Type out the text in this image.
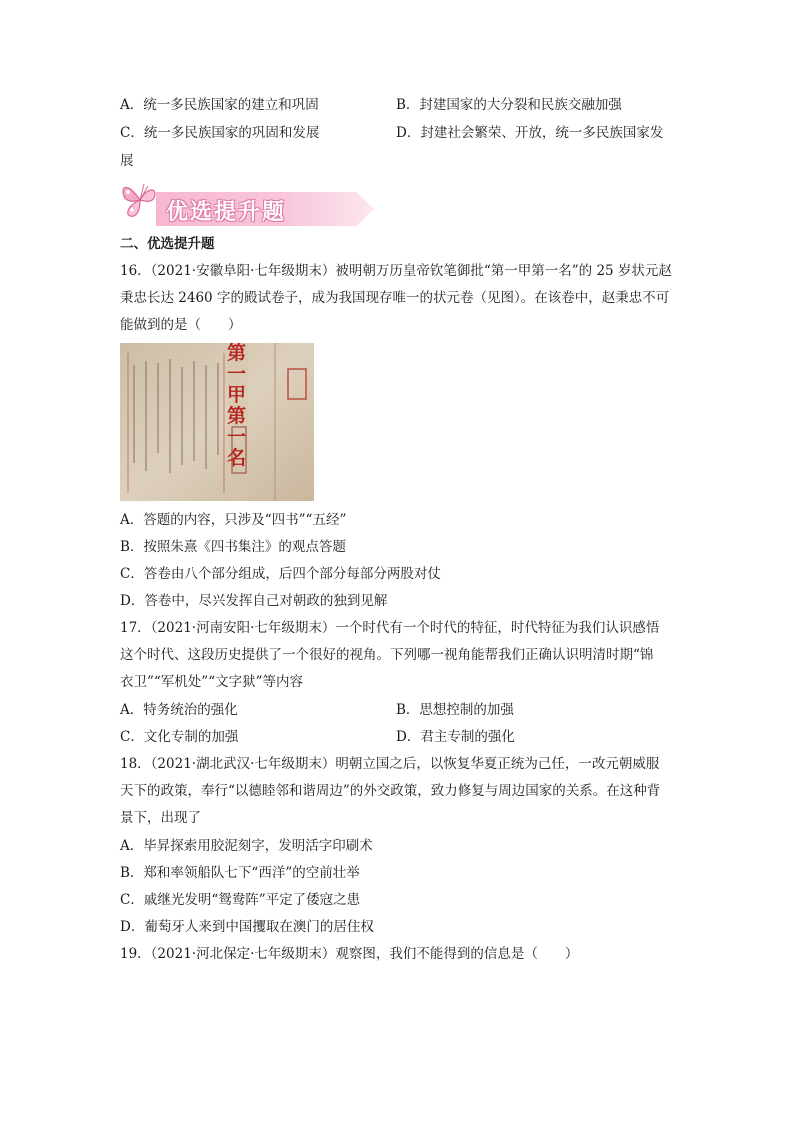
A．统一多民族国家的建立和巩固	B．封建国家的大分裂和民族交融加强
C．统一多民族国家的巩固和发展	D．封建社会繁荣、开放，统一多民族国家发
展
优选提升题
二、优选提升题
16．（2021·安徽阜阳·七年级期末）被明朝万历皇帝钦笔御批“第一甲第一名”的 25 岁状元赵
秉忠长达 2460 字的殿试卷子，成为我国现存唯一的状元卷（见图）。在该卷中，赵秉忠不可
能做到的是（　　）
第一甲第一名
A．答题的内容，只涉及“四书”“五经”
B．按照朱熹《四书集注》的观点答题
C．答卷由八个部分组成，后四个部分每部分两股对仗
D．答卷中，尽兴发挥自己对朝政的独到见解
17．（2021·河南安阳·七年级期末）一个时代有一个时代的特征，时代特征为我们认识感悟
这个时代、这段历史提供了一个很好的视角。下列哪一视角能帮我们正确认识明清时期“锦
衣卫”“军机处”“文字狱”等内容
A．特务统治的强化	B．思想控制的加强
C．文化专制的加强	D．君主专制的强化
18．（2021·湖北武汉·七年级期末）明朝立国之后，以恢复华夏正统为己任，一改元朝威服
天下的政策，奉行“以德睦邻和谐周边”的外交政策，致力修复与周边国家的关系。在这种背
景下，出现了
A．毕昇探索用胶泥刻字，发明活字印刷术
B．郑和率领船队七下“西洋”的空前壮举
C．戚继光发明“鸳鸯阵”平定了倭寇之患
D．葡萄牙人来到中国攫取在澳门的居住权
19．（2021·河北保定·七年级期末）观察图，我们不能得到的信息是（　　）
